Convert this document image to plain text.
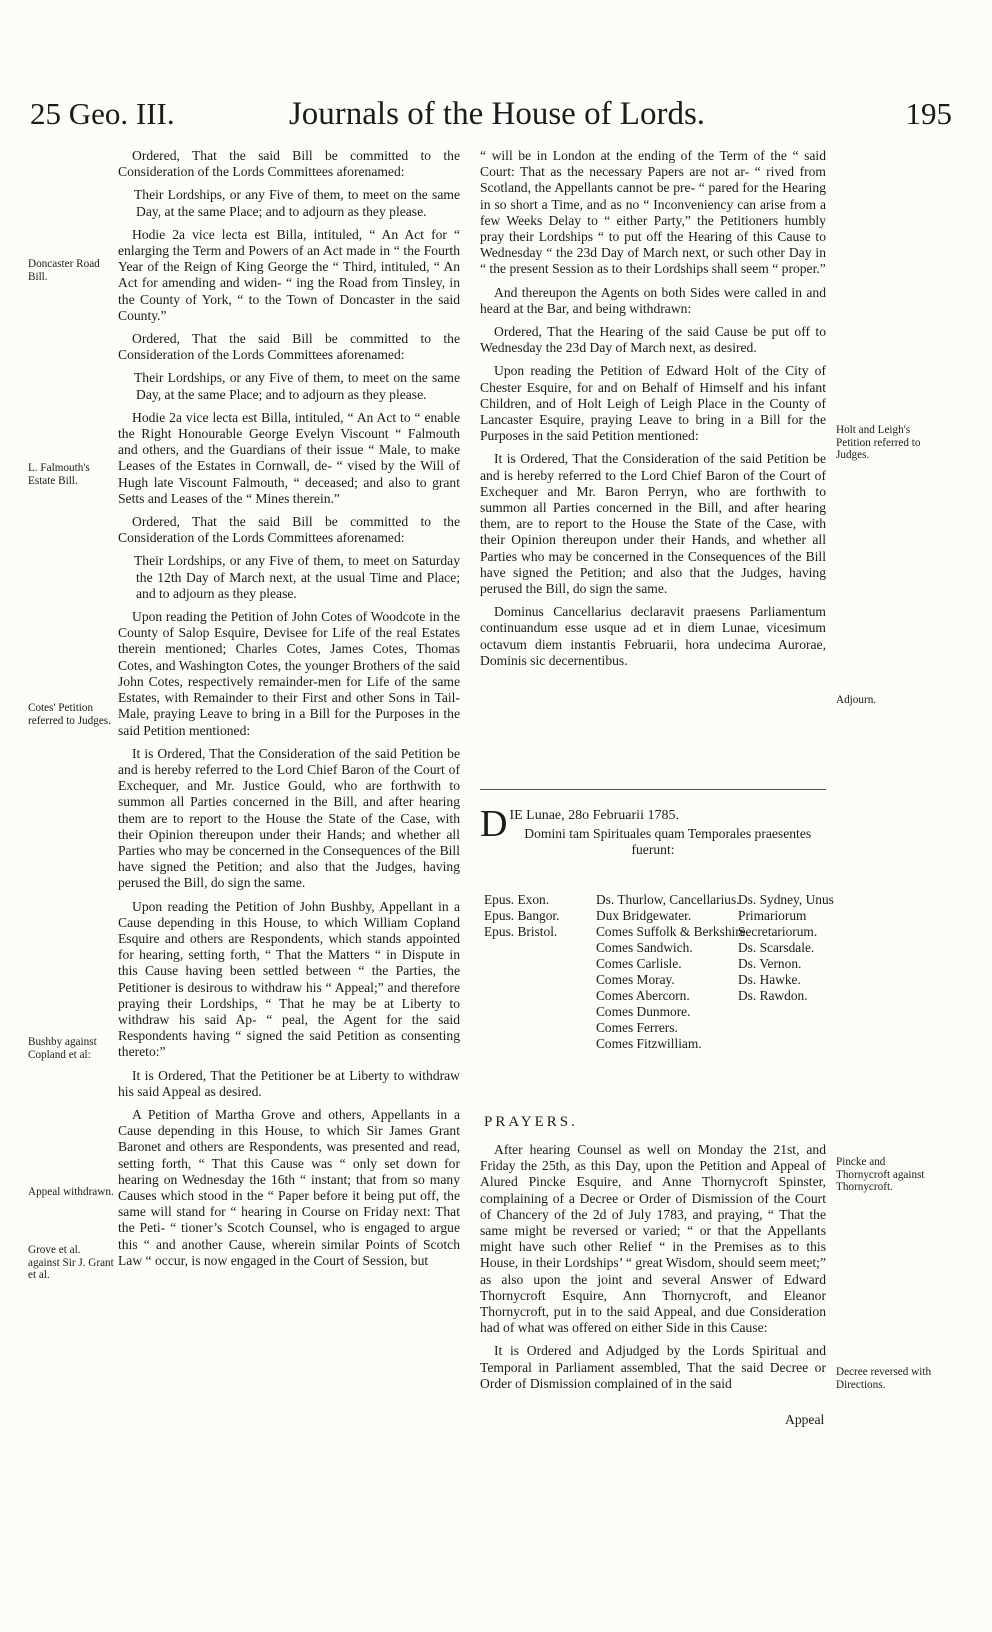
25 Geo. III.	Journals of the House of Lords.	195
Doncaster Road Bill.
L. Falmouth's Estate Bill.
Cotes' Petition referred to Judges.
Bushby against Copland et al:
Appeal withdrawn.
Grove et al. against Sir J. Grant et al.
Holt and Leigh's Petition referred to Judges.
Adjourn.
Pincke and Thornycroft against Thornycroft.
Decree reversed with Directions.

Ordered, That the said Bill be committed to the Consideration of the Lords Committees aforenamed:

Their Lordships, or any Five of them, to meet on the same Day, at the same Place; and to adjourn as they please.

Hodie 2a vice lecta est Billa, intituled, “ An Act for “ enlarging the Term and Powers of an Act made in “ the Fourth Year of the Reign of King George the “ Third, intituled, “ An Act for amending and widen- “ ing the Road from Tinsley, in the County of York, “ to the Town of Doncaster in the said County.”

Ordered, That the said Bill be committed to the Consideration of the Lords Committees aforenamed:

Their Lordships, or any Five of them, to meet on the same Day, at the same Place; and to adjourn as they please.

Hodie 2a vice lecta est Billa, intituled, “ An Act to “ enable the Right Honourable George Evelyn Viscount “ Falmouth and others, and the Guardians of their issue “ Male, to make Leases of the Estates in Cornwall, de- “ vised by the Will of Hugh late Viscount Falmouth, “ deceased; and also to grant Setts and Leases of the “ Mines therein.”

Ordered, That the said Bill be committed to the Consideration of the Lords Committees aforenamed:

Their Lordships, or any Five of them, to meet on Saturday the 12th Day of March next, at the usual Time and Place; and to adjourn as they please.

Upon reading the Petition of John Cotes of Woodcote in the County of Salop Esquire, Devisee for Life of the real Estates therein mentioned; Charles Cotes, James Cotes, Thomas Cotes, and Washington Cotes, the younger Brothers of the said John Cotes, respectively remainder-men for Life of the same Estates, with Remainder to their First and other Sons in Tail-Male, praying Leave to bring in a Bill for the Purposes in the said Petition mentioned:

It is Ordered, That the Consideration of the said Petition be and is hereby referred to the Lord Chief Baron of the Court of Exchequer, and Mr. Justice Gould, who are forthwith to summon all Parties concerned in the Bill, and after hearing them are to report to the House the State of the Case, with their Opinion thereupon under their Hands; and whether all Parties who may be concerned in the Consequences of the Bill have signed the Petition; and also that the Judges, having perused the Bill, do sign the same.

Upon reading the Petition of John Bushby, Appellant in a Cause depending in this House, to which William Copland Esquire and others are Respondents, which stands appointed for hearing, setting forth, “ That the Matters “ in Dispute in this Cause having been settled between “ the Parties, the Petitioner is desirous to withdraw his “ Appeal;” and therefore praying their Lordships, “ That he may be at Liberty to withdraw his said Ap- “ peal, the Agent for the said Respondents having “ signed the said Petition as consenting thereto:”

It is Ordered, That the Petitioner be at Liberty to withdraw his said Appeal as desired.

A Petition of Martha Grove and others, Appellants in a Cause depending in this House, to which Sir James Grant Baronet and others are Respondents, was presented and read, setting forth, “ That this Cause was “ only set down for hearing on Wednesday the 16th “ instant; that from so many Causes which stood in the “ Paper before it being put off, the same will stand for “ hearing in Course on Friday next: That the Peti- “ tioner’s Scotch Counsel, who is engaged to argue this “ and another Cause, wherein similar Points of Scotch Law “ occur, is now engaged in the Court of Session, but

“ will be in London at the ending of the Term of the “ said Court: That as the necessary Papers are not ar- “ rived from Scotland, the Appellants cannot be pre- “ pared for the Hearing in so short a Time, and as no “ Inconveniency can arise from a few Weeks Delay to “ either Party,” the Petitioners humbly pray their Lordships “ to put off the Hearing of this Cause to Wednesday “ the 23d Day of March next, or such other Day in “ the present Session as to their Lordships shall seem “ proper.”

And thereupon the Agents on both Sides were called in and heard at the Bar, and being withdrawn:

Ordered, That the Hearing of the said Cause be put off to Wednesday the 23d Day of March next, as desired.

Upon reading the Petition of Edward Holt of the City of Chester Esquire, for and on Behalf of Himself and his infant Children, and of Holt Leigh of Leigh Place in the County of Lancaster Esquire, praying Leave to bring in a Bill for the Purposes in the said Petition mentioned:

It is Ordered, That the Consideration of the said Petition be and is hereby referred to the Lord Chief Baron of the Court of Exchequer and Mr. Baron Perryn, who are forthwith to summon all Parties concerned in the Bill, and after hearing them, are to report to the House the State of the Case, with their Opinion thereupon under their Hands, and whether all Parties who may be concerned in the Consequences of the Bill have signed the Petition; and also that the Judges, having perused the Bill, do sign the same.

Dominus Cancellarius declaravit praesens Parliamentum continuandum esse usque ad et in diem Lunae, vicesimum octavum diem instantis Februarii, hora undecima Aurorae, Dominis sic decernentibus.

D IE Lunae, 28o Februarii 1785.
Domini tam Spirituales quam Temporales praesentes fuerunt:
Epus. Exon.
Epus. Bangor.
Epus. Bristol.
Ds. Thurlow, Cancellarius.
Dux Bridgewater.
Comes Suffolk & Berkshire.
Comes Sandwich.
Comes Carlisle.
Comes Moray.
Comes Abercorn.
Comes Dunmore.
Comes Ferrers.
Comes Fitzwilliam.
Ds. Sydney, Unus Primariorum Secretariorum.
Ds. Scarsdale.
Ds. Vernon.
Ds. Hawke.
Ds. Rawdon.
PRAYERS.

After hearing Counsel as well on Monday the 21st, and Friday the 25th, as this Day, upon the Petition and Appeal of Alured Pincke Esquire, and Anne Thornycroft Spinster, complaining of a Decree or Order of Dismission of the Court of Chancery of the 2d of July 1783, and praying, “ That the same might be reversed or varied; “ or that the Appellants might have such other Relief “ in the Premises as to this House, in their Lordships’ “ great Wisdom, should seem meet;” as also upon the joint and several Answer of Edward Thornycroft Esquire, Ann Thornycroft, and Eleanor Thornycroft, put in to the said Appeal, and due Consideration had of what was offered on either Side in this Cause:

It is Ordered and Adjudged by the Lords Spiritual and Temporal in Parliament assembled, That the said Decree or Order of Dismission complained of in the said

Appeal
